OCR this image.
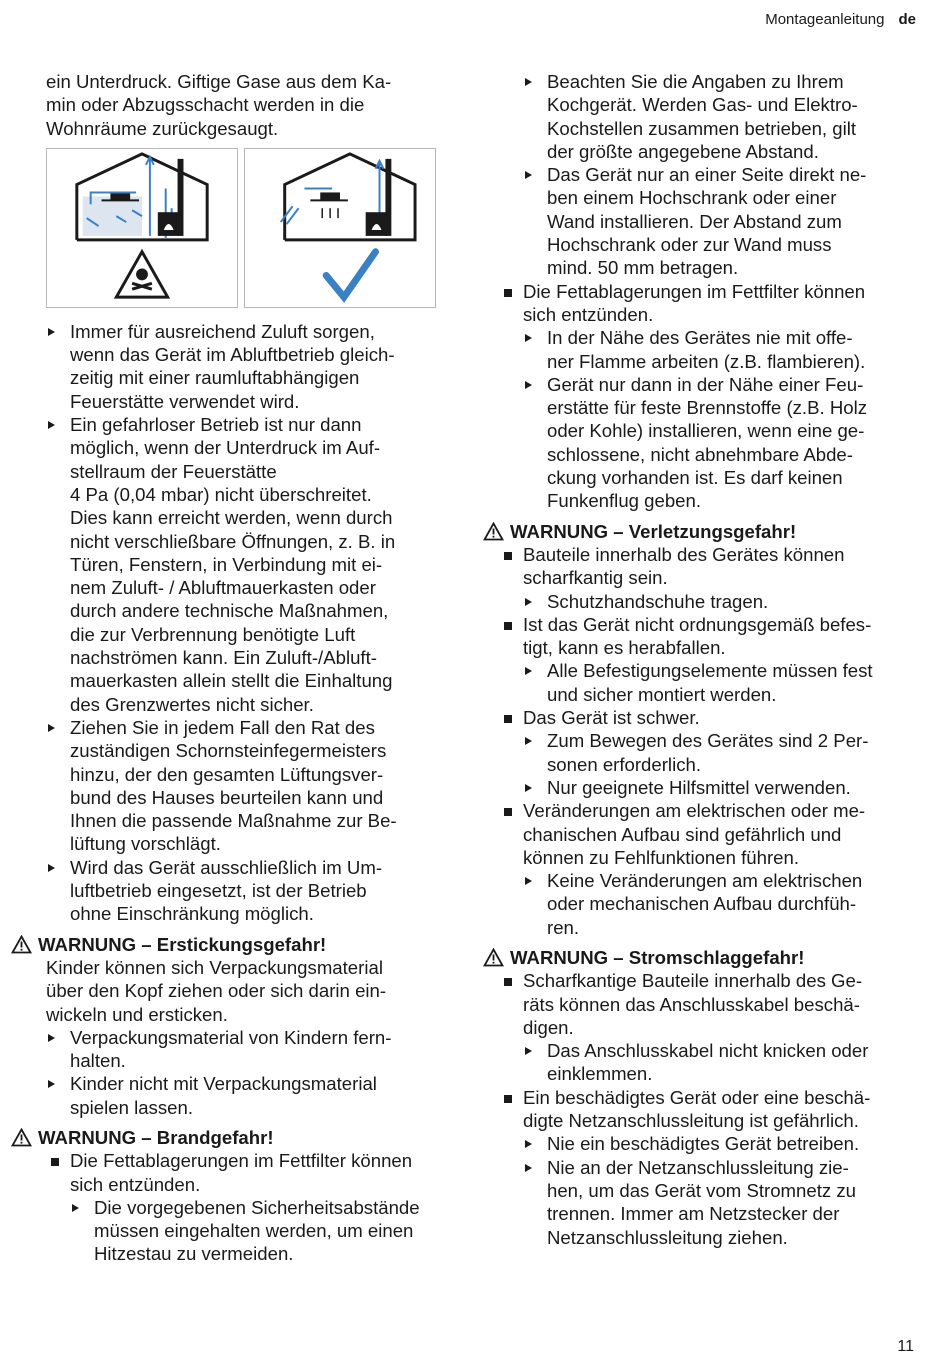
Montageanleitung de

ein Unterdruck. Giftige Gase aus dem Ka-
min oder Abzugsschacht werden in die
Wohnräume zurückgesaugt.

Immer für ausreichend Zuluft sorgen,
wenn das Gerät im Abluftbetrieb gleich-
zeitig mit einer raumluftabhängigen
Feuerstätte verwendet wird.
Ein gefahrloser Betrieb ist nur dann
möglich, wenn der Unterdruck im Auf-
stellraum der Feuerstätte
4 Pa (0,04 mbar) nicht überschreitet.
Dies kann erreicht werden, wenn durch
nicht verschließbare Öffnungen, z. B. in
Türen, Fenstern, in Verbindung mit ei-
nem Zuluft- / Abluftmauerkasten oder
durch andere technische Maßnahmen,
die zur Verbrennung benötigte Luft
nachströmen kann. Ein Zuluft-/Abluft-
mauerkasten allein stellt die Einhaltung
des Grenzwertes nicht sicher.
Ziehen Sie in jedem Fall den Rat des
zuständigen Schornsteinfegermeisters
hinzu, der den gesamten Lüftungsver-
bund des Hauses beurteilen kann und
Ihnen die passende Maßnahme zur Be-
lüftung vorschlägt.
Wird das Gerät ausschließlich im Um-
luftbetrieb eingesetzt, ist der Betrieb
ohne Einschränkung möglich.
WARNUNG – Erstickungsgefahr!

Kinder können sich Verpackungsmaterial
über den Kopf ziehen oder sich darin ein-
wickeln und ersticken.

Verpackungsmaterial von Kindern fern-
halten.
Kinder nicht mit Verpackungsmaterial
spielen lassen.
WARNUNG – Brandgefahr!
Die Fettablagerungen im Fettfilter können
sich entzünden.
Die vorgegebenen Sicherheitsabstände
müssen eingehalten werden, um einen
Hitzestau zu vermeiden.
Beachten Sie die Angaben zu Ihrem
Kochgerät. Werden Gas- und Elektro-
Kochstellen zusammen betrieben, gilt
der größte angegebene Abstand.
Das Gerät nur an einer Seite direkt ne-
ben einem Hochschrank oder einer
Wand installieren. Der Abstand zum
Hochschrank oder zur Wand muss
mind. 50 mm betragen.
Die Fettablagerungen im Fettfilter können
sich entzünden.
In der Nähe des Gerätes nie mit offe-
ner Flamme arbeiten (z.B. flambieren).
Gerät nur dann in der Nähe einer Feu-
erstätte für feste Brennstoffe (z.B. Holz
oder Kohle) installieren, wenn eine ge-
schlossene, nicht abnehmbare Abde-
ckung vorhanden ist. Es darf keinen
Funkenflug geben.
WARNUNG – Verletzungsgefahr!
Bauteile innerhalb des Gerätes können
scharfkantig sein.
Schutzhandschuhe tragen.
Ist das Gerät nicht ordnungsgemäß befes-
tigt, kann es herabfallen.
Alle Befestigungselemente müssen fest
und sicher montiert werden.
Das Gerät ist schwer.
Zum Bewegen des Gerätes sind 2 Per-
sonen erforderlich.
Nur geeignete Hilfsmittel verwenden.
Veränderungen am elektrischen oder me-
chanischen Aufbau sind gefährlich und
können zu Fehlfunktionen führen.
Keine Veränderungen am elektrischen
oder mechanischen Aufbau durchfüh-
ren.
WARNUNG – Stromschlaggefahr!
Scharfkantige Bauteile innerhalb des Ge-
räts können das Anschlusskabel beschä-
digen.
Das Anschlusskabel nicht knicken oder
einklemmen.
Ein beschädigtes Gerät oder eine beschä-
digte Netzanschlussleitung ist gefährlich.
Nie ein beschädigtes Gerät betreiben.
Nie an der Netzanschlussleitung zie-
hen, um das Gerät vom Stromnetz zu
trennen. Immer am Netzstecker der
Netzanschlussleitung ziehen.
11
